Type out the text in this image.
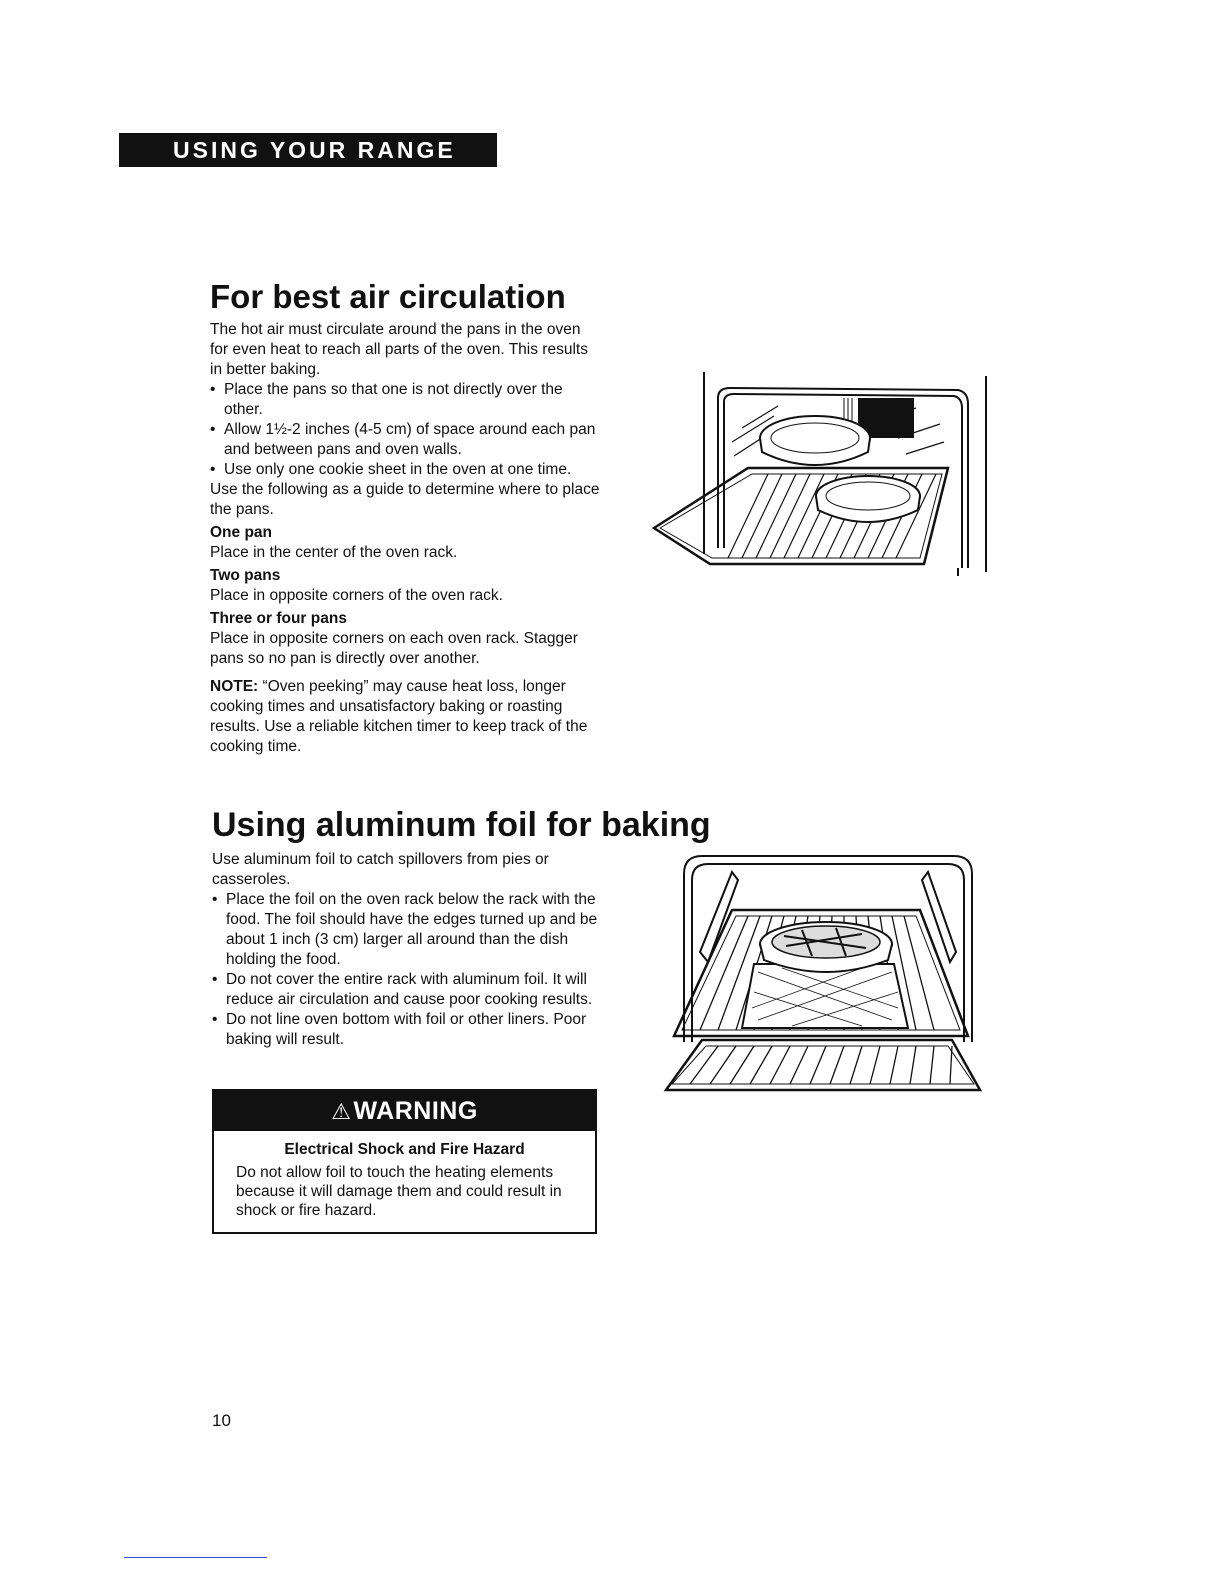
USING YOUR RANGE
For best air circulation

The hot air must circulate around the pans in the oven for even heat to reach all parts of the oven. This results in better baking.

• Place the pans so that one is not directly over the other.

• Allow 1½-2 inches (4-5 cm) of space around each pan and between pans and oven walls.

• Use only one cookie sheet in the oven at one time.

Use the following as a guide to determine where to place the pans.

One pan

Place in the center of the oven rack.

Two pans

Place in opposite corners of the oven rack.

Three or four pans

Place in opposite corners on each oven rack. Stagger pans so no pan is directly over another.

NOTE: “Oven peeking” may cause heat loss, longer cooking times and unsatisfactory baking or roasting results. Use a reliable kitchen timer to keep track of the cooking time.

Using aluminum foil for baking

Use aluminum foil to catch spillovers from pies or casseroles.

• Place the foil on the oven rack below the rack with the food. The foil should have the edges turned up and be about 1 inch (3 cm) larger all around than the dish holding the food.

• Do not cover the entire rack with aluminum foil. It will reduce air circulation and cause poor cooking results.

• Do not line oven bottom with foil or other liners. Poor baking will result.

⚠WARNING
Electrical Shock and Fire Hazard

Do not allow foil to touch the heating elements because it will damage them and could result in shock or fire hazard.

10
